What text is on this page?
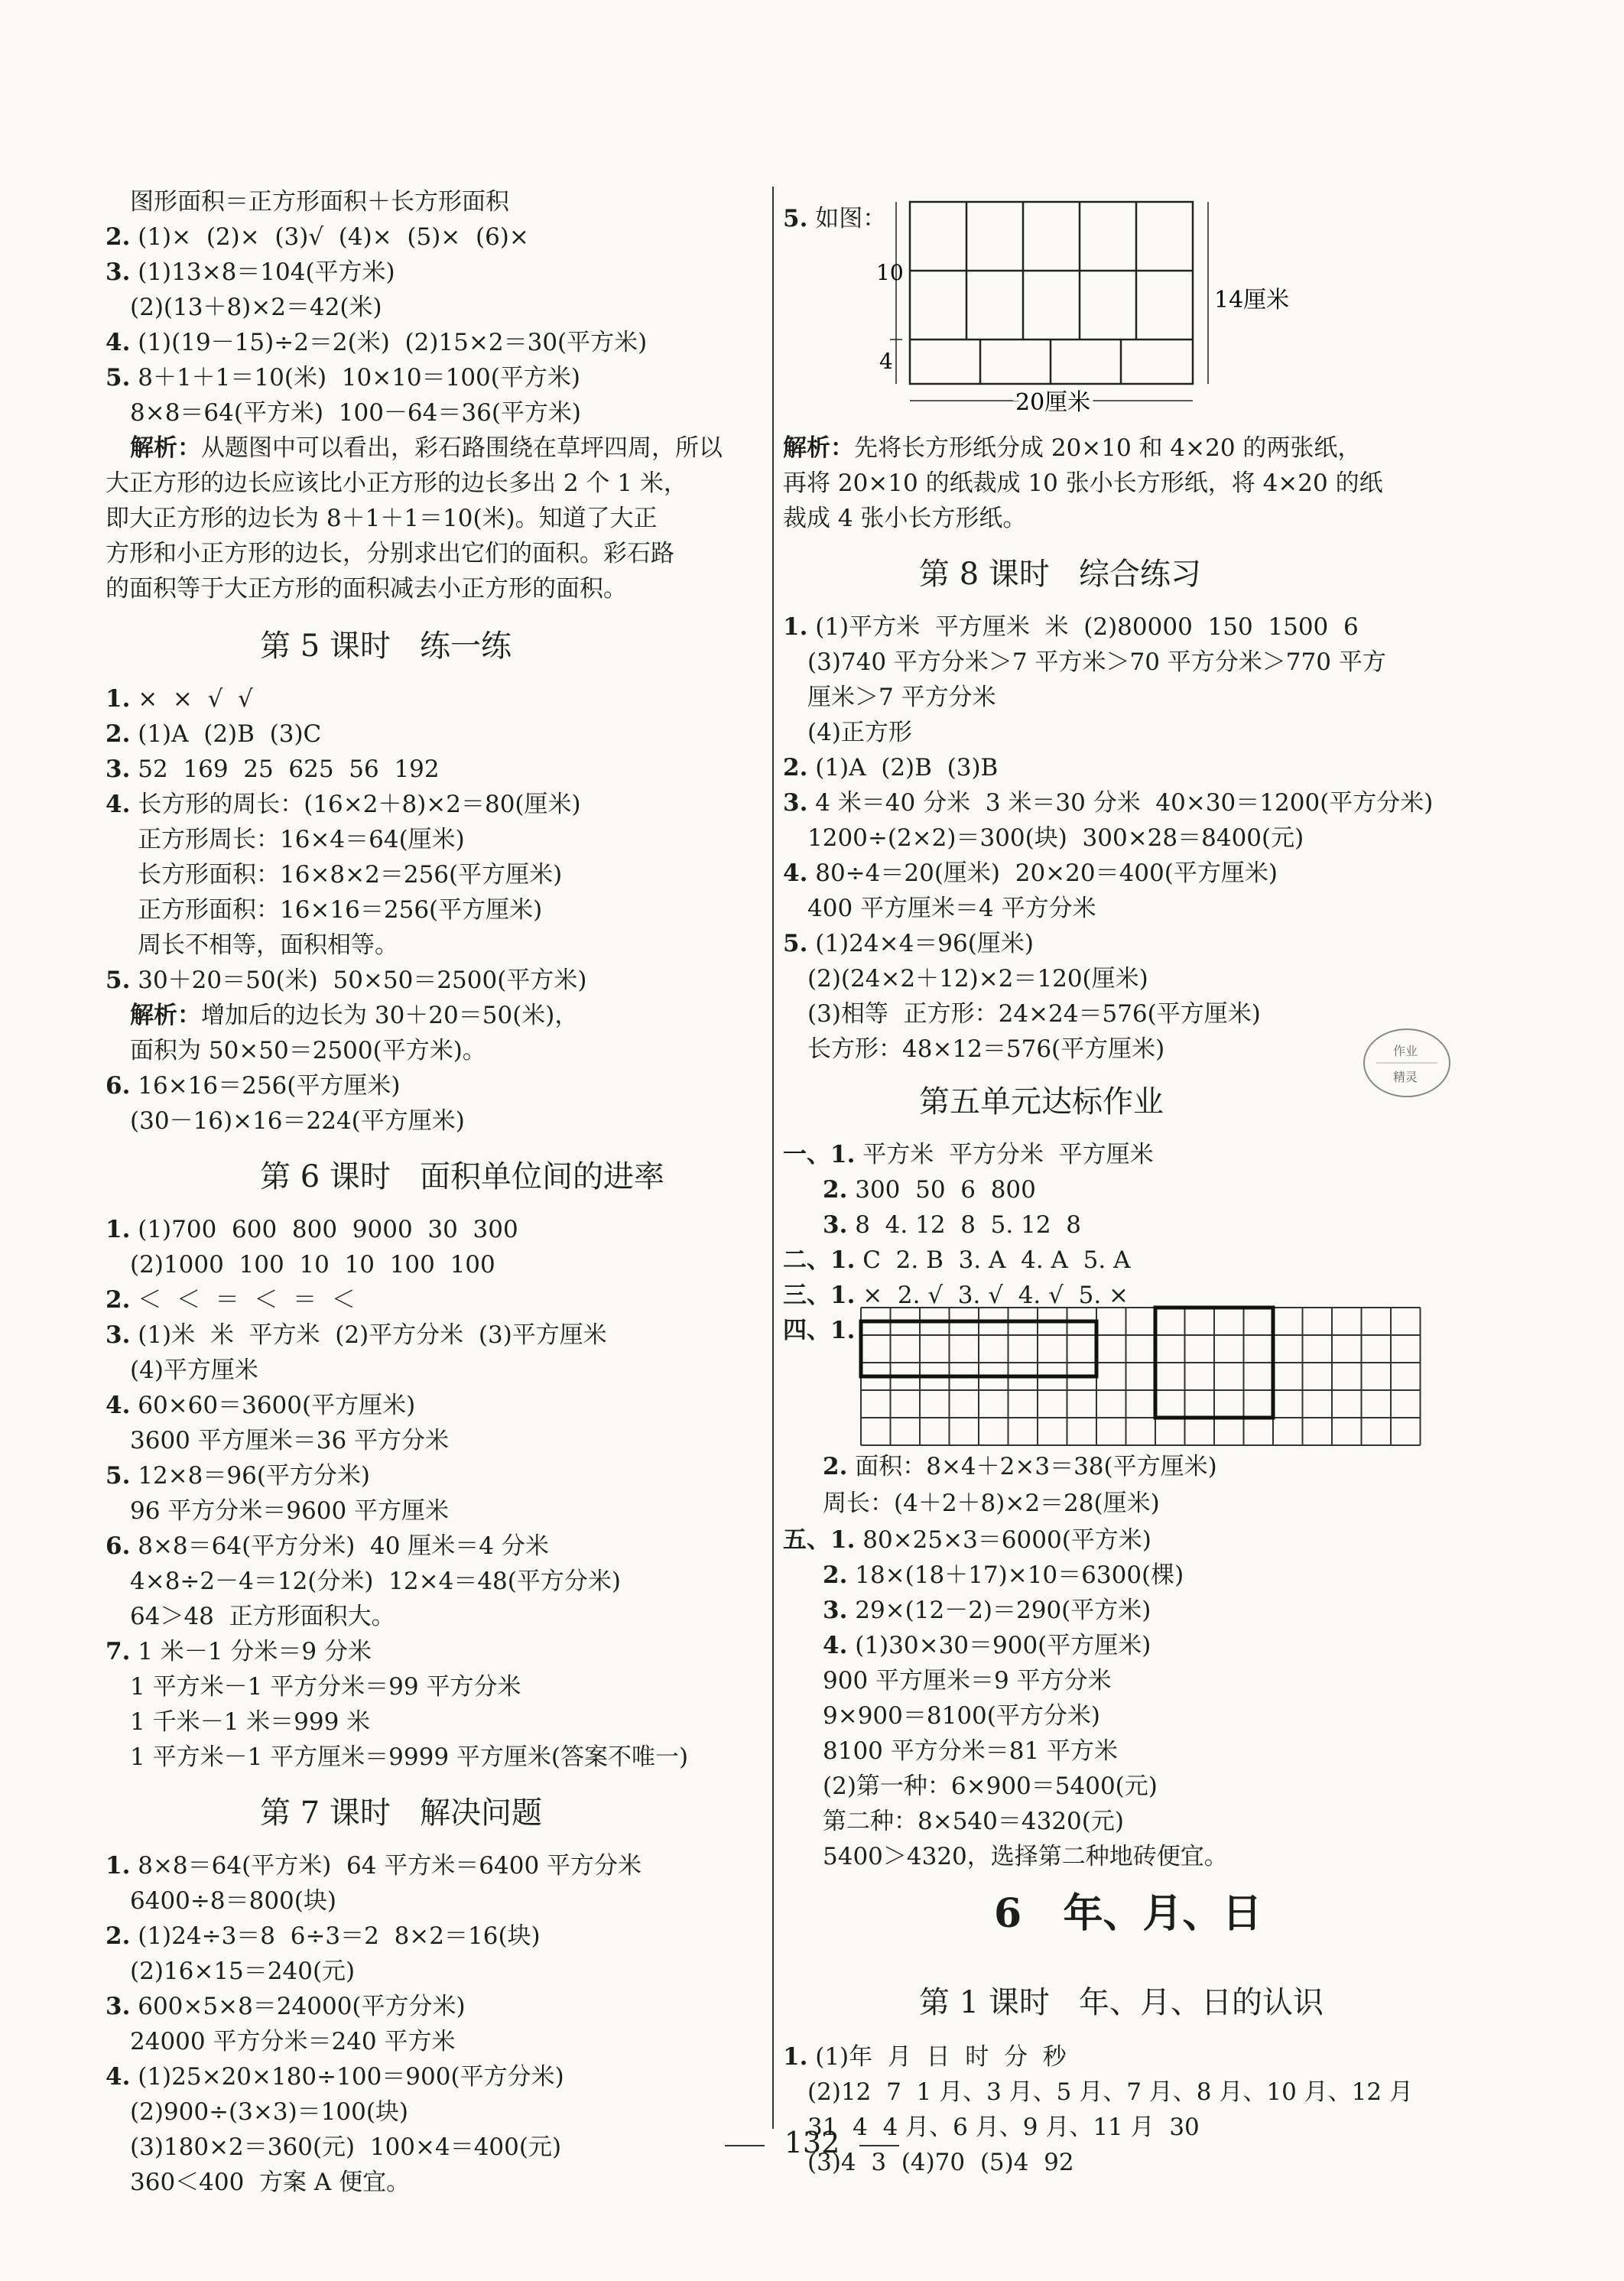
图形面积＝正方形面积＋长方形面积
2. (1)×  (2)×  (3)√  (4)×  (5)×  (6)×
3. (1)13×8＝104(平方米)
(2)(13＋8)×2＝42(米)
4. (1)(19－15)÷2＝2(米)  (2)15×2＝30(平方米)
5. 8＋1＋1＝10(米)  10×10＝100(平方米)
8×8＝64(平方米)  100－64＝36(平方米)
解析：从题图中可以看出，彩石路围绕在草坪四周，所以
大正方形的边长应该比小正方形的边长多出 2 个 1 米，
即大正方形的边长为 8＋1＋1＝10(米)。知道了大正
方形和小正方形的边长，分别求出它们的面积。彩石路
的面积等于大正方形的面积减去小正方形的面积。
1. ×  ×  √  √
2. (1)A  (2)B  (3)C
3. 52  169  25  625  56  192
4. 长方形的周长：(16×2＋8)×2＝80(厘米)
正方形周长：16×4＝64(厘米)
长方形面积：16×8×2＝256(平方厘米)
正方形面积：16×16＝256(平方厘米)
周长不相等，面积相等。
5. 30＋20＝50(米)  50×50＝2500(平方米)
解析：增加后的边长为 30＋20＝50(米)，
面积为 50×50＝2500(平方米)。
6. 16×16＝256(平方厘米)
(30－16)×16＝224(平方厘米)
1. (1)700  600  800  9000  30  300
(2)1000  100  10  10  100  100
2. ＜  ＜  ＝  ＜  ＝  ＜
3. (1)米  米  平方米  (2)平方分米  (3)平方厘米
(4)平方厘米
4. 60×60＝3600(平方厘米)
3600 平方厘米＝36 平方分米
5. 12×8＝96(平方分米)
96 平方分米＝9600 平方厘米
6. 8×8＝64(平方分米)  40 厘米＝4 分米
4×8÷2－4＝12(分米)  12×4＝48(平方分米)
64＞48  正方形面积大。
7. 1 米－1 分米＝9 分米
1 平方米－1 平方分米＝99 平方分米
1 千米－1 米＝999 米
1 平方米－1 平方厘米＝9999 平方厘米(答案不唯一)
1. 8×8＝64(平方米)  64 平方米＝6400 平方分米
6400÷8＝800(块)
2. (1)24÷3＝8  6÷3＝2  8×2＝16(块)
(2)16×15＝240(元)
3. 600×5×8＝24000(平方分米)
24000 平方分米＝240 平方米
4. (1)25×20×180÷100＝900(平方分米)
(2)900÷(3×3)＝100(块)
(3)180×2＝360(元)  100×4＝400(元)
360＜400  方案 A 便宜。
第 5 课时   练一练
第 6 课时   面积单位间的进率
第 7 课时   解决问题
5. 如图：
解析：先将长方形纸分成 20×10 和 4×20 的两张纸，
再将 20×10 的纸裁成 10 张小长方形纸，将 4×20 的纸
裁成 4 张小长方形纸。
1. (1)平方米  平方厘米  米  (2)80000  150  1500  6
(3)740 平方分米＞7 平方米＞70 平方分米＞770 平方
厘米＞7 平方分米
(4)正方形
2. (1)A  (2)B  (3)B
3. 4 米＝40 分米  3 米＝30 分米  40×30＝1200(平方分米)
1200÷(2×2)＝300(块)  300×28＝8400(元)
4. 80÷4＝20(厘米)  20×20＝400(平方厘米)
400 平方厘米＝4 平方分米
5. (1)24×4＝96(厘米)
(2)(24×2＋12)×2＝120(厘米)
(3)相等  正方形：24×24＝576(平方厘米)
长方形：48×12＝576(平方厘米)
一、1. 平方米  平方分米  平方厘米
2. 300  50  6  800
3. 8  4. 12  8  5. 12  8
二、1. C  2. B  3. A  4. A  5. A
三、1. ×  2. √  3. √  4. √  5. ×
四、1.
2. 面积：8×4＋2×3＝38(平方厘米)
周长：(4＋2＋8)×2＝28(厘米)
五、1. 80×25×3＝6000(平方米)
2. 18×(18＋17)×10＝6300(棵)
3. 29×(12－2)＝290(平方米)
4. (1)30×30＝900(平方厘米)
900 平方厘米＝9 平方分米
9×900＝8100(平方分米)
8100 平方分米＝81 平方米
(2)第一种：6×900＝5400(元)
第二种：8×540＝4320(元)
5400＞4320，选择第二种地砖便宜。
1. (1)年  月  日  时  分  秒
(2)12  7  1 月、3 月、5 月、7 月、8 月、10 月、12 月
31  4  4 月、6 月、9 月、11 月  30
(3)4  3  (4)70  (5)4  92
第 8 课时   综合练习
第五单元达标作业
第 1 课时   年、月、日的认识
6 年、月、日
10
4
14厘米
20厘米
作业
精灵
132
